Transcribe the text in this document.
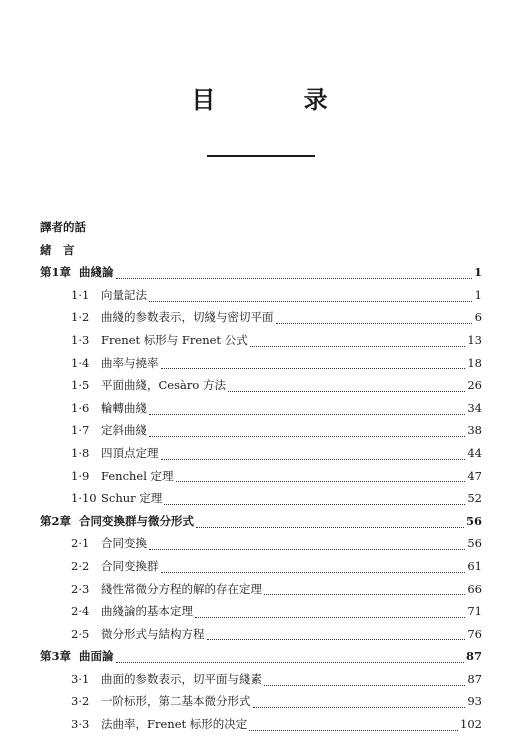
目 录
譯者的話
緒　言
第1章 曲綫論	1
1·1	向量記法	1
1·2	曲綫的参数表示，切綫与密切平面	6
1·3	Frenet 标形与 Frenet 公式	13
1·4	曲率与撓率	18
1·5	平面曲綫，Cesàro 方法	26
1·6	輪轉曲綫	34
1·7	定斜曲綫	38
1·8	四頂点定理	44
1·9	Fenchel 定理	47
1·10 Schur 定理	52
第2章 合同变換群与微分形式	56
2·1	合同变換	56
2·2	合同变換群	61
2·3	綫性常微分方程的解的存在定理	66
2·4	曲綫論的基本定理	71
2·5	微分形式与結构方程	76
第3章 曲面論	87
3·1	曲面的参数表示，切平面与綫素	87
3·2	一阶标形，第二基本微分形式	93
3·3	法曲率，Frenet 标形的决定	102
